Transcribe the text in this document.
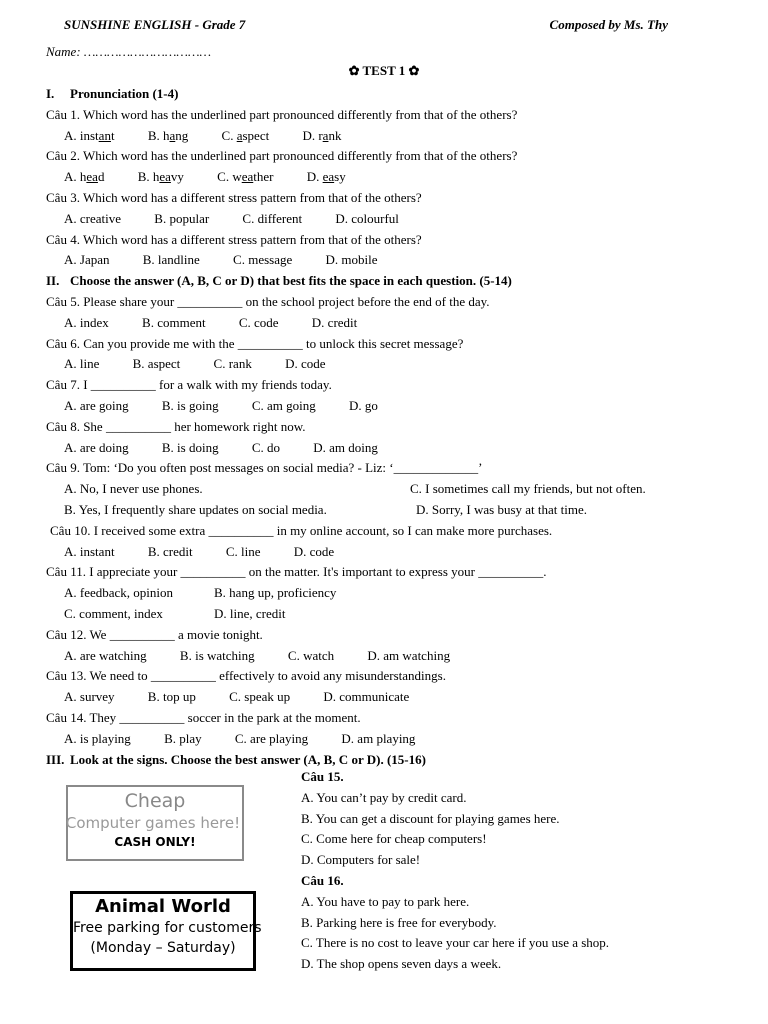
SUNSHINE ENGLISH - Grade 7	Composed by Ms. Thy
Name: ……………………………
✿ TEST 1 ✿
I. Pronunciation (1-4)
Câu 1. Which word has the underlined part pronounced differently from that of the others?
A. instant	B. hang	C. aspect	D. rank
Câu 2. Which word has the underlined part pronounced differently from that of the others?
A. head	B. heavy	C. weather	D. easy
Câu 3. Which word has a different stress pattern from that of the others?
A. creative	B. popular	C. different	D. colourful
Câu 4. Which word has a different stress pattern from that of the others?
A. Japan	B. landline	C. message	D. mobile
II. Choose the answer (A, B, C or D) that best fits the space in each question. (5-14)
Câu 5. Please share your __________ on the school project before the end of the day.
A. index	B. comment	C. code	D. credit
Câu 6. Can you provide me with the __________ to unlock this secret message?
A. line	B. aspect	C. rank	D. code
Câu 7. I __________ for a walk with my friends today.
A. are going	B. is going	C. am going	D. go
Câu 8. She __________ her homework right now.
A. are doing	B. is doing	C. do	D. am doing
Câu 9. Tom: ‘Do you often post messages on social media? - Liz: ‘_____________’
A. No, I never use phones.	C. I sometimes call my friends, but not often.
B. Yes, I frequently share updates on social media.	D. Sorry, I was busy at that time.
Câu 10. I received some extra __________ in my online account, so I can make more purchases.
A. instant	B. credit	C. line	D. code
Câu 11. I appreciate your __________ on the matter. It's important to express your __________.
A. feedback, opinion	B. hang up, proficiency
C. comment, index	D. line, credit
Câu 12. We __________ a movie tonight.
A. are watching	B. is watching	C. watch	D. am watching
Câu 13. We need to __________ effectively to avoid any misunderstandings.
A. survey	B. top up	C. speak up	D. communicate
Câu 14. They __________ soccer in the park at the moment.
A. is playing	B. play	C. are playing	D. am playing
III. Look at the signs. Choose the best answer (A, B, C or D). (15-16)
Cheap
Computer games here!
CASH ONLY!
Animal World
Free parking for customers
(Monday – Saturday)
Câu 15.
A. You can’t pay by credit card.
B. You can get a discount for playing games here.
C. Come here for cheap computers!
D. Computers for sale!
Câu 16.
A. You have to pay to park here.
B. Parking here is free for everybody.
C. There is no cost to leave your car here if you use a shop.
D. The shop opens seven days a week.
